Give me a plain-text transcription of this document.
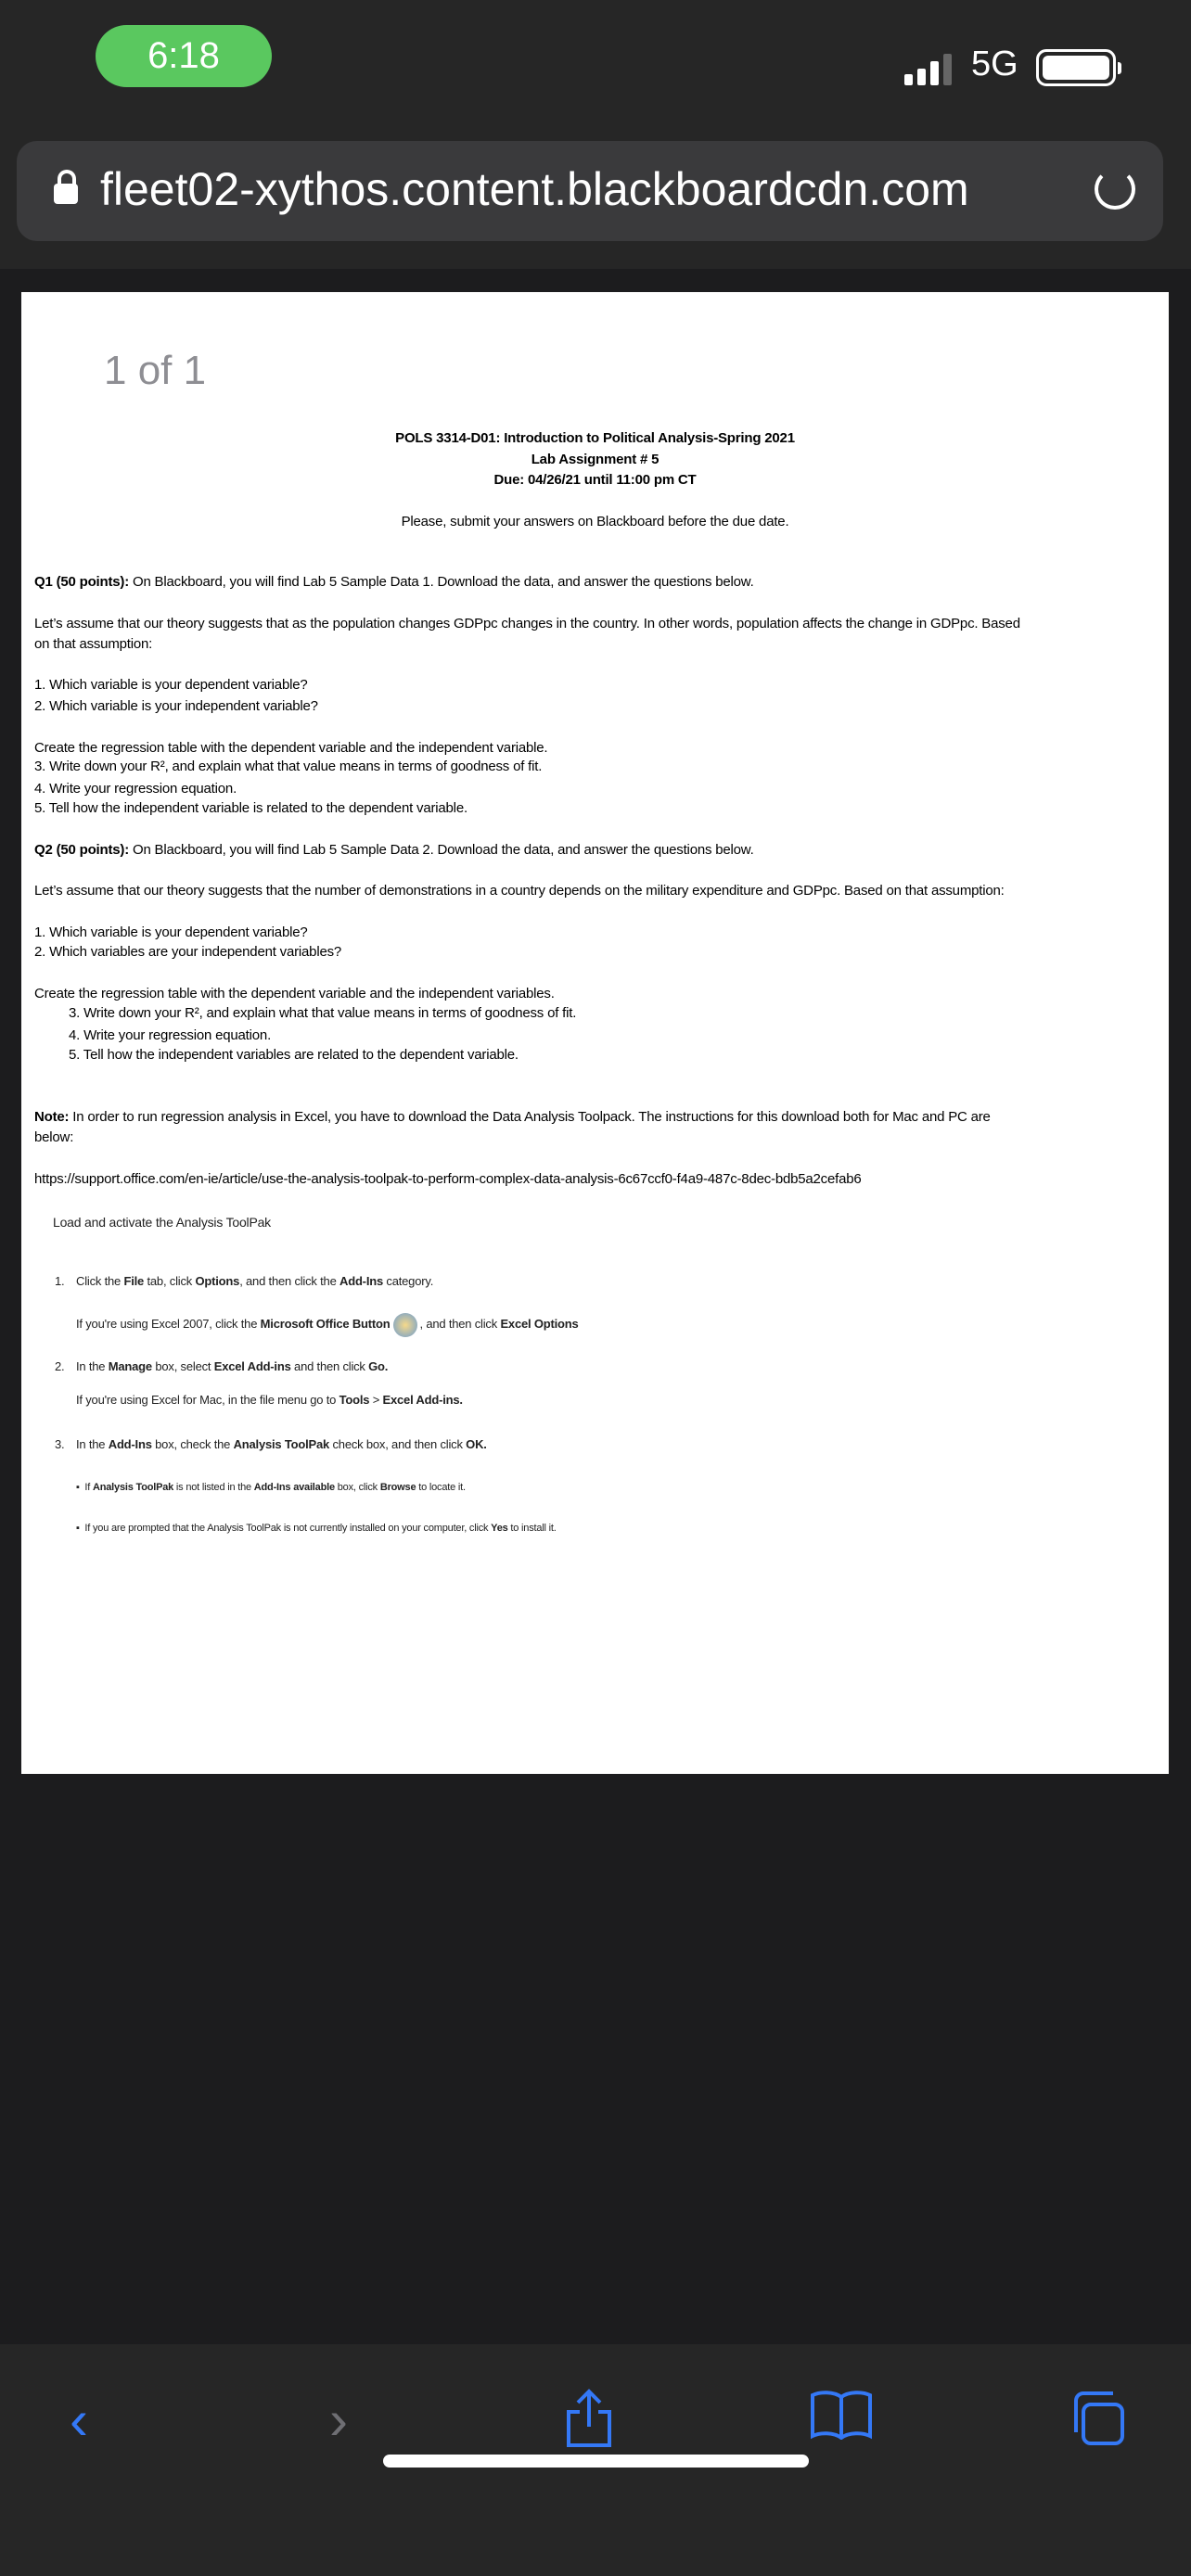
6:18	5G
fleet02-xythos.content.blackboardcdn.com
POLS 3314-D01: Introduction to Political Analysis-Spring 2021
Lab Assignment # 5
Due: 04/26/21 until 11:00 pm CT
Please, submit your answers on Blackboard before the due date.
Q1 (50 points): On Blackboard, you will find Lab 5 Sample Data 1. Download the data, and answer the questions below.
Let’s assume that our theory suggests that as the population changes GDPpc changes in the country. In other words, population affects the change in GDPpc. Based
on that assumption:
1. Which variable is your dependent variable?
2. Which variable is your independent variable?
Create the regression table with the dependent variable and the independent variable.
3. Write down your R², and explain what that value means in terms of goodness of fit.
4. Write your regression equation.
5. Tell how the independent variable is related to the dependent variable.
Q2 (50 points): On Blackboard, you will find Lab 5 Sample Data 2. Download the data, and answer the questions below.
Let’s assume that our theory suggests that the number of demonstrations in a country depends on the military expenditure and GDPpc. Based on that assumption:
1. Which variable is your dependent variable?
2. Which variables are your independent variables?
Create the regression table with the dependent variable and the independent variables.
3. Write down your R², and explain what that value means in terms of goodness of fit.
4. Write your regression equation.
5. Tell how the independent variables are related to the dependent variable.
Note: In order to run regression analysis in Excel, you have to download the Data Analysis Toolpack. The instructions for this download both for Mac and PC are
below:
https://support.office.com/en-ie/article/use-the-analysis-toolpak-to-perform-complex-data-analysis-6c67ccf0-f4a9-487c-8dec-bdb5a2cefab6
Load and activate the Analysis ToolPak
1. Click the File tab, click Options, and then click the Add-Ins category.
If you're using Excel 2007, click the Microsoft Office Button , and then click Excel Options
2. In the Manage box, select Excel Add-ins and then click Go.
If you're using Excel for Mac, in the file menu go to Tools > Excel Add-ins.
3. In the Add-Ins box, check the Analysis ToolPak check box, and then click OK.
▪  If Analysis ToolPak is not listed in the Add-Ins available box, click Browse to locate it.
▪  If you are prompted that the Analysis ToolPak is not currently installed on your computer, click Yes to install it.
1 of 1
‹	›
